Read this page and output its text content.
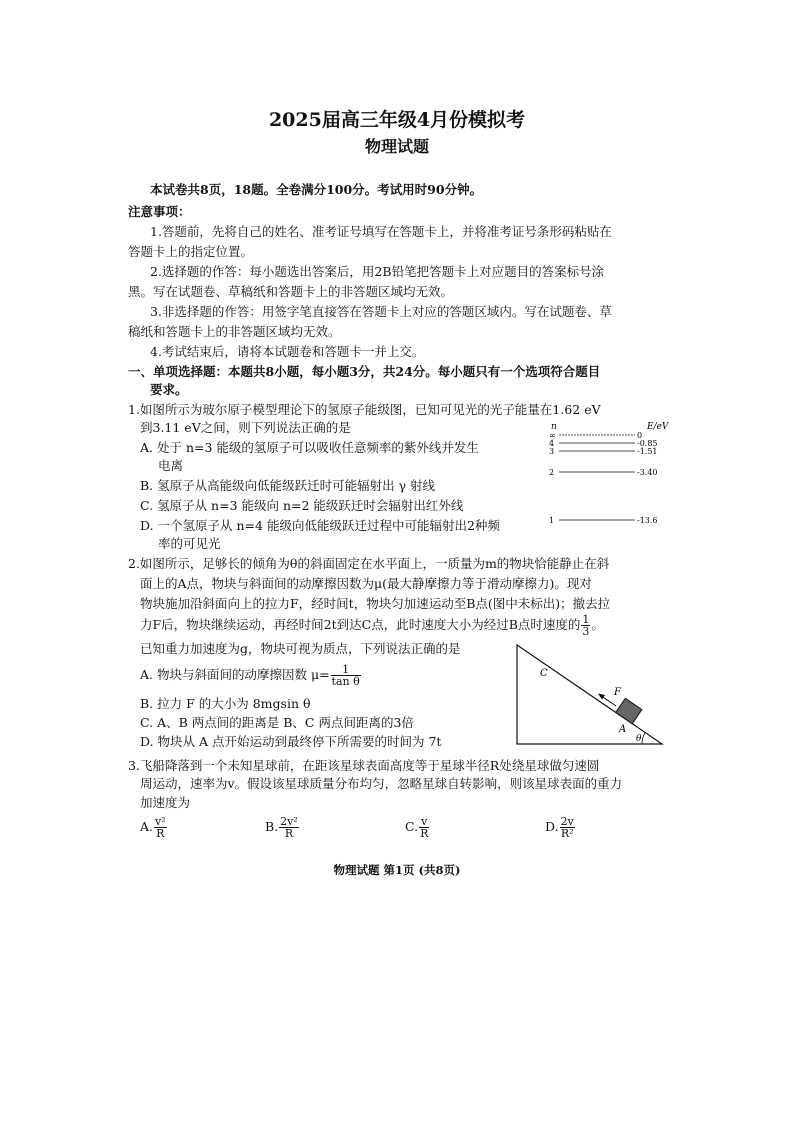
2025届高三年级4月份模拟考
物理试题
本试卷共8页，18题。全卷满分100分。考试用时90分钟。
注意事项：
1.答题前，先将自己的姓名、准考证号填写在答题卡上，并将准考证号条形码粘贴在
答题卡上的指定位置。
2.选择题的作答：每小题选出答案后，用2B铅笔把答题卡上对应题目的答案标号涂
黑。写在试题卷、草稿纸和答题卡上的非答题区域均无效。
3.非选择题的作答：用签字笔直接答在答题卡上对应的答题区域内。写在试题卷、草
稿纸和答题卡上的非答题区域均无效。
4.考试结束后，请将本试题卷和答题卡一并上交。
一、单项选择题：本题共8小题，每小题3分，共24分。每小题只有一个选项符合题目
要求。
1.如图所示为玻尔原子模型理论下的氢原子能级图，已知可见光的光子能量在1.62 eV
到3.11 eV之间，则下列说法正确的是
A. 处于 n=3 能级的氢原子可以吸收任意频率的紫外线并发生
电离
B. 氢原子从高能级向低能级跃迁时可能辐射出 γ 射线
C. 氢原子从 n=3 能级向 n=2 能级跃迁时会辐射出红外线
D. 一个氢原子从 n=4 能级向低能级跃迁过程中可能辐射出2种频
率的可见光
n	E/eV
∞	0
4	-0.85
3	-1.51
2	-3.40
1	-13.6
2.如图所示，足够长的倾角为θ的斜面固定在水平面上，一质量为m的物块恰能静止在斜
面上的A点，物块与斜面间的动摩擦因数为μ(最大静摩擦力等于滑动摩擦力)。现对
物块施加沿斜面向上的拉力F，经时间t，物块匀加速运动至B点(图中未标出)；撤去拉
力F后，物块继续运动，再经时间2t到达C点，此时速度大小为经过B点时速度的 $\frac{1}{3}$ 。
已知重力加速度为g，物块可视为质点，下列说法正确的是
A. 物块与斜面间的动摩擦因数 $\mu= \frac{1}{\text{tan θ}}$
B. 拉力 F 的大小为 8mgsin θ
C. A、B 两点间的距离是 B、C 两点间距离的3倍
D. 物块从 A 点开始运动到最终停下所需要的时间为 7t
C
F
A
θ
3.飞船降落到一个未知星球前，在距该星球表面高度等于星球半径R处绕星球做匀速圆
周运动，速率为v。假设该星球质量分布均匀，忽略星球自转影响，则该星球表面的重力
加速度为
A. $\frac{\text{v²}}{R}$	B. $\frac{\text{2v²}}{R}$	C. $\frac{v}{R}$	D. $\frac{2v}{\text{R²}}$
物理试题 第1页 (共8页)
